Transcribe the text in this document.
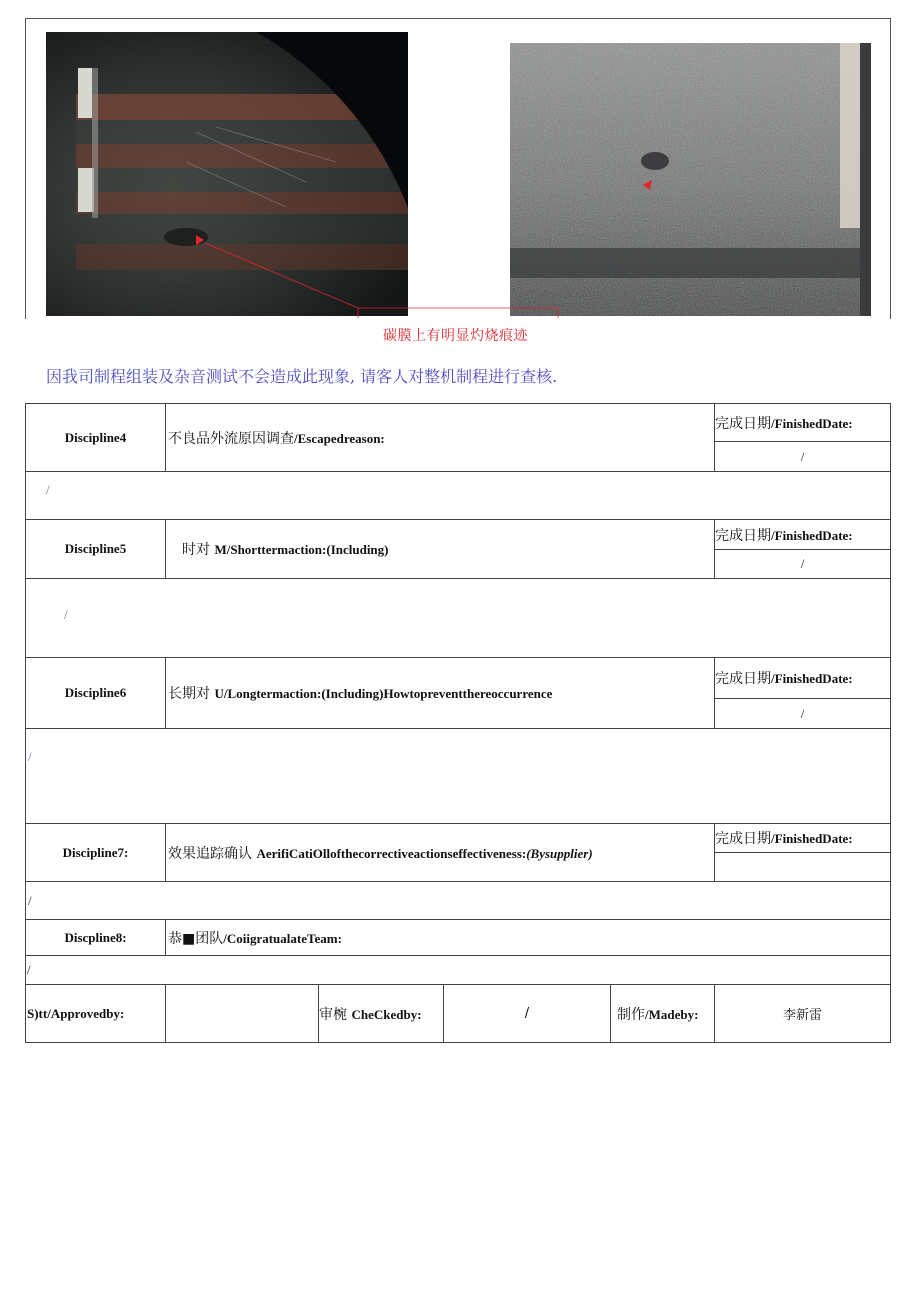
碳膜上有明显灼烧痕迹
因我司制程组装及杂音测试不会造成此现象, 请客人对整机制程进行查核.
Discipline4	不良品外流原因调查/Escapedreason:				完成日期/FinishedDate:
					/
/					
Discipline5	时对 M/Shorttermaction:(Including)				完成日期/FinishedDate:
					/
/					
Discipline6	长期对 U/Longtermaction:(Including)Howtopreventthereoccurrence				完成日期/FinishedDate:
					/
/					
Discipline7:	效果追踪确认 AerifiCatiOllofthecorrectiveactionseffectiveness:(Bysupplier)				完成日期/FinishedDate:

/					
Discpline8:	恭■团队/CoiigratualateTeam:				
/					
S)tt/Approvedby:		审椀 CheCkedby:	/	制作/Madeby:	李新雷
